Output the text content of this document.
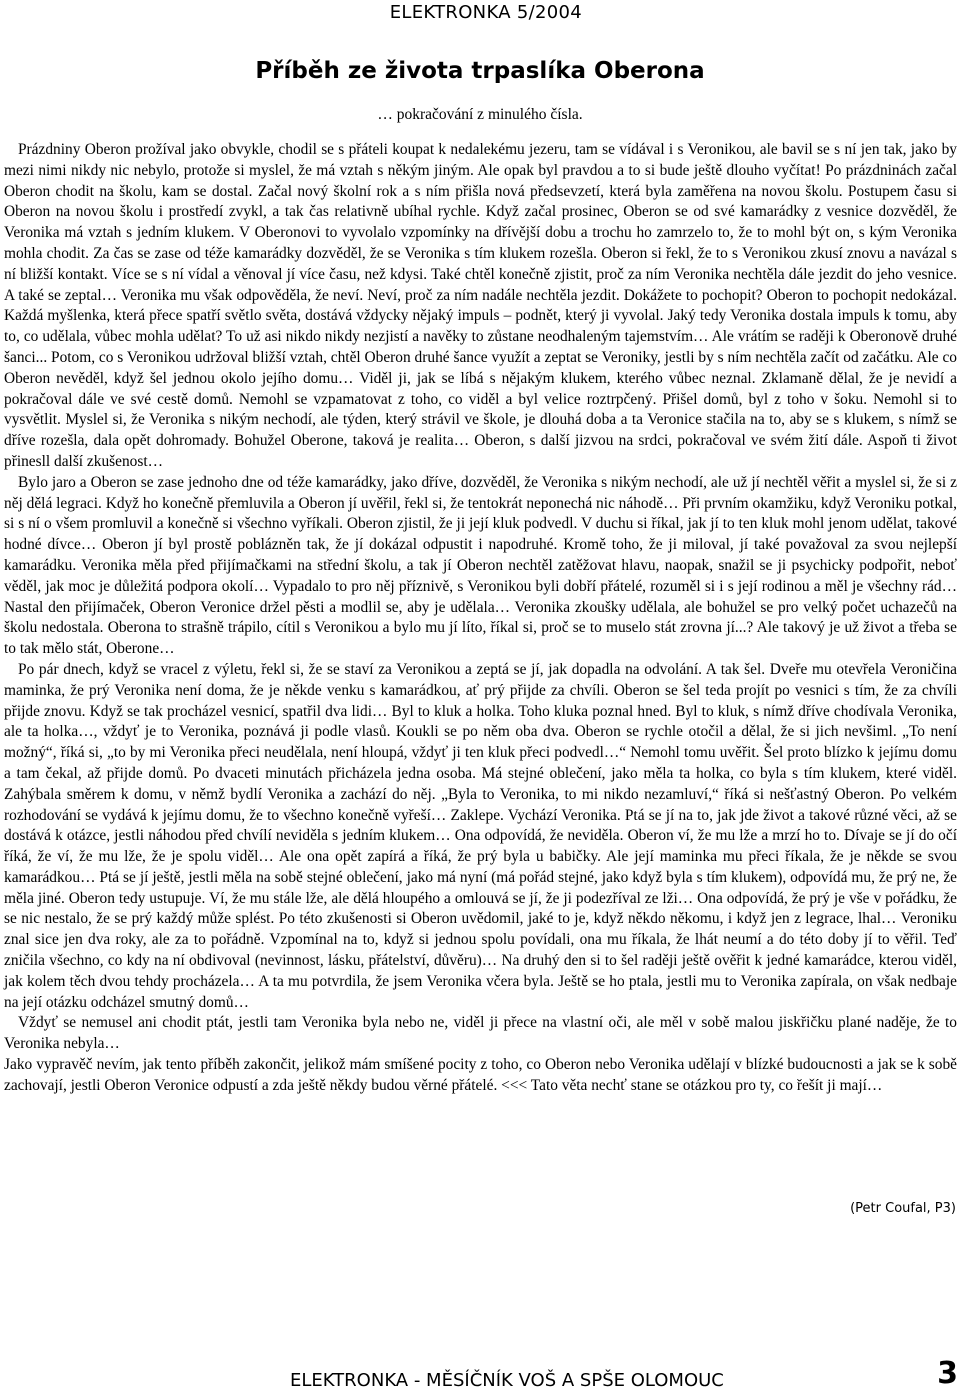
ELEKTRONKA 5/2004
Příběh ze života trpaslíka Oberona
… pokračování z minulého čísla.

Prázdniny Oberon prožíval jako obvykle, chodil se s přáteli koupat k nedalekému jezeru, tam se vídával i s Veronikou, ale bavil se s ní jen tak, jako by mezi nimi nikdy nic nebylo, protože si myslel, že má vztah s někým jiným. Ale opak byl pravdou a to si bude ještě dlouho vyčítat! Po prázdninách začal Oberon chodit na školu, kam se dostal. Začal nový školní rok a s ním přišla nová předsevzetí, která byla zaměřena na novou školu. Postupem času si Oberon na novou školu i prostředí zvykl, a tak čas relativně ubíhal rychle. Když začal prosinec, Oberon se od své kamarádky z vesnice dozvěděl, že Veronika má vztah s jedním klukem. V Oberonovi to vyvolalo vzpomínky na dřívější dobu a trochu ho zamrzelo to, že to mohl být on, s kým Veronika mohla chodit. Za čas se zase od téže kamarádky dozvěděl, že se Veronika s tím klukem rozešla. Oberon si řekl, že to s Veronikou zkusí znovu a navázal s ní bližší kontakt. Více se s ní vídal a věnoval jí více času, než kdysi. Také chtěl konečně zjistit, proč za ním Veronika nechtěla dále jezdit do jeho vesnice. A také se zeptal… Veronika mu však odpověděla, že neví. Neví, proč za ním nadále nechtěla jezdit. Dokážete to pochopit? Oberon to pochopit nedokázal. Každá myšlenka, která přece spatří světlo světa, dostává vždycky nějaký impuls – podnět, který ji vyvolal. Jaký tedy Veronika dostala impuls k tomu, aby to, co udělala, vůbec mohla udělat? To už asi nikdo nikdy nezjistí a navěky to zůstane neodhaleným tajemstvím… Ale vrátím se raději k Oberonově druhé šanci... Potom, co s Veronikou udržoval bližší vztah, chtěl Oberon druhé šance využít a zeptat se Veroniky, jestli by s ním nechtěla začít od začátku. Ale co Oberon nevěděl, když šel jednou okolo jejího domu… Viděl ji, jak se líbá s nějakým klukem, kterého vůbec neznal. Zklamaně dělal, že je nevidí a pokračoval dále ve své cestě domů. Nemohl se vzpamatovat z toho, co viděl a byl velice roztrpčený. Přišel domů, byl z toho v šoku. Nemohl si to vysvětlit. Myslel si, že Veronika s nikým nechodí, ale týden, který strávil ve škole, je dlouhá doba a ta Veronice stačila na to, aby se s klukem, s nímž se dříve rozešla, dala opět dohromady. Bohužel Oberone, taková je realita… Oberon, s další jizvou na srdci, pokračoval ve svém žití dále. Aspoň ti život přinesll další zkušenost…

Bylo jaro a Oberon se zase jednoho dne od téže kamarádky, jako dříve, dozvěděl, že Veronika s nikým nechodí, ale už jí nechtěl věřit a myslel si, že si z něj dělá legraci. Když ho konečně přemluvila a Oberon jí uvěřil, řekl si, že tentokrát neponechá nic náhodě… Při prvním okamžiku, když Veroniku potkal, si s ní o všem promluvil a konečně si všechno vyříkali. Oberon zjistil, že ji její kluk podvedl. V duchu si říkal, jak jí to ten kluk mohl jenom udělat, takové hodné dívce… Oberon jí byl prostě poblázněn tak, že jí dokázal odpustit i napodruhé. Kromě toho, že ji miloval, jí také považoval za svou nejlepší kamarádku. Veronika měla před přijímačkami na střední školu, a tak jí Oberon nechtěl zatěžovat hlavu, naopak, snažil se ji psychicky podpořit, neboť věděl, jak moc je důležitá podpora okolí… Vypadalo to pro něj příznivě, s Veronikou byli dobří přátelé, rozuměl si i s její rodinou a měl je všechny rád… Nastal den přijímaček, Oberon Veronice držel pěsti a modlil se, aby je udělala… Veronika zkoušky udělala, ale bohužel se pro velký počet uchazečů na školu nedostala. Oberona to strašně trápilo, cítil s Veronikou a bylo mu jí líto, říkal si, proč se to muselo stát zrovna jí...? Ale takový je už život a třeba se to tak mělo stát, Oberone…

Po pár dnech, když se vracel z výletu, řekl si, že se staví za Veronikou a zeptá se jí, jak dopadla na odvolání. A tak šel. Dveře mu otevřela Veroničina maminka, že prý Veronika není doma, že je někde venku s kamarádkou, ať prý přijde za chvíli. Oberon se šel teda projít po vesnici s tím, že za chvíli přijde znovu. Když se tak procházel vesnicí, spatřil dva lidi… Byl to kluk a holka. Toho kluka poznal hned. Byl to kluk, s nímž dříve chodívala Veronika, ale ta holka…, vždyť je to Veronika, poznává ji podle vlasů. Koukli se po něm oba dva. Oberon se rychle otočil a dělal, že si jich nevšiml. „To není možný“, říká si, „to by mi Veronika přeci neudělala, není hloupá, vždyť ji ten kluk přeci podvedl…“ Nemohl tomu uvěřit. Šel proto blízko k jejímu domu a tam čekal, až přijde domů. Po dvaceti minutách přicházela jedna osoba. Má stejné oblečení, jako měla ta holka, co byla s tím klukem, které viděl. Zahýbala směrem k domu, v němž bydlí Veronika a zachází do něj. „Byla to Veronika, to mi nikdo nezamluví,“ říká si nešťastný Oberon. Po velkém rozhodování se vydává k jejímu domu, že to všechno konečně vyřeší… Zaklepe. Vychází Veronika. Ptá se jí na to, jak jde život a takové různé věci, až se dostává k otázce, jestli náhodou před chvílí neviděla s jedním klukem… Ona odpovídá, že neviděla. Oberon ví, že mu lže a mrzí ho to. Dívaje se jí do očí říká, že ví, že mu lže, že je spolu viděl… Ale ona opět zapírá a říká, že prý byla u babičky. Ale její maminka mu přeci říkala, že je někde se svou kamarádkou… Ptá se jí ještě, jestli měla na sobě stejné oblečení, jako má nyní (má pořád stejné, jako když byla s tím klukem), odpovídá mu, že prý ne, že měla jiné. Oberon tedy ustupuje. Ví, že mu stále lže, ale dělá hloupého a omlouvá se jí, že ji podezříval ze lži… Ona odpovídá, že prý je vše v pořádku, že se nic nestalo, že se prý každý může splést. Po této zkušenosti si Oberon uvědomil, jaké to je, když někdo někomu, i když jen z legrace, lhal… Veroniku znal sice jen dva roky, ale za to pořádně. Vzpomínal na to, když si jednou spolu povídali, ona mu říkala, že lhát neumí a do této doby jí to věřil. Teď zničila všechno, co kdy na ní obdivoval (nevinnost, lásku, přátelství, důvěru)… Na druhý den si to šel raději ještě ověřit k jedné kamarádce, kterou viděl, jak kolem těch dvou tehdy procházela… A ta mu potvrdila, že jsem Veronika včera byla. Ještě se ho ptala, jestli mu to Veronika zapírala, on však nedbaje na její otázku odcházel smutný domů…

Vždyť se nemusel ani chodit ptát, jestli tam Veronika byla nebo ne, viděl ji přece na vlastní oči, ale měl v sobě malou jiskřičku plané naděje, že to Veronika nebyla…

Jako vypravěč nevím, jak tento příběh zakončit, jelikož mám smíšené pocity z toho, co Oberon nebo Veronika udělají v blízké budoucnosti a jak se k sobě zachovají, jestli Oberon Veronice odpustí a zda ještě někdy budou věrné přátelé. <<< Tato věta nechť stane se otázkou pro ty, co řešít ji mají…

(Petr Coufal, P3)
ELEKTRONKA - MĚSÍČNÍK VOŠ A SPŠE OLOMOUC	3
